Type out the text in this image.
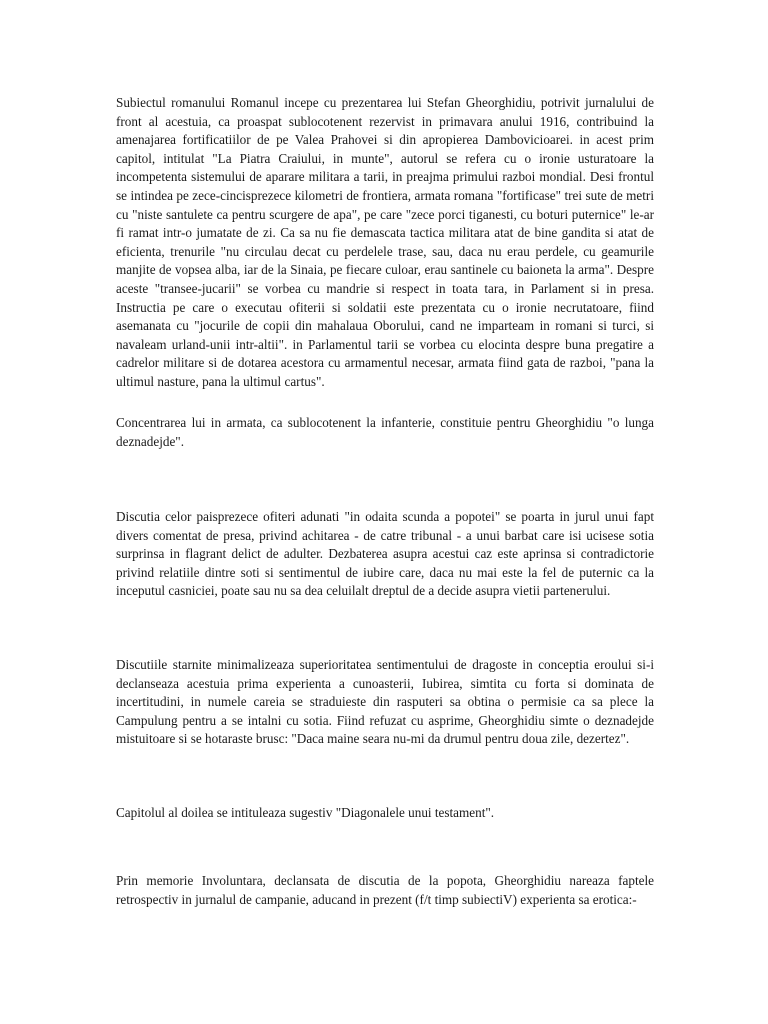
Subiectul romanului Romanul incepe cu prezentarea lui Stefan Gheorghidiu, potrivit jurnalului de front al acestuia, ca proaspat sublocotenent rezervist in primavara anului 1916, contribuind la amenajarea fortificatiilor de pe Valea Prahovei si din apropierea Dambovicioarei. in acest prim capitol, intitulat "La Piatra Craiului, in munte", autorul se refera cu o ironie usturatoare la incompetenta sistemului de aparare militara a tarii, in preajma primului razboi mondial. Desi frontul se intindea pe zece-cincisprezece kilometri de frontiera, armata romana "fortificase" trei sute de metri cu "niste santulete ca pentru scurgere de apa", pe care "zece porci tiganesti, cu boturi puternice" le-ar fi ramat intr-o jumatate de zi. Ca sa nu fie demascata tactica militara atat de bine gandita si atat de eficienta, trenurile "nu circulau decat cu perdelele trase, sau, daca nu erau perdele, cu geamurile manjite de vopsea alba, iar de la Sinaia, pe fiecare culoar, erau santinele cu baioneta la arma". Despre aceste "transee-jucarii" se vorbea cu mandrie si respect in toata tara, in Parlament si in presa. Instructia pe care o executau ofiterii si soldatii este prezentata cu o ironie necrutatoare, fiind asemanata cu "jocurile de copii din mahalaua Oborului, cand ne imparteam in romani si turci, si navaleam urland-unii intr-altii". in Parlamentul tarii se vorbea cu elocinta despre buna pregatire a cadrelor militare si de dotarea acestora cu armamentul necesar, armata fiind gata de razboi, "pana la ultimul nasture, pana la ultimul cartus".

Concentrarea lui in armata, ca sublocotenent la infanterie, constituie pentru Gheorghidiu "o lunga deznadejde".

Discutia celor paisprezece ofiteri adunati "in odaita scunda a popotei" se poarta in jurul unui fapt divers comentat de presa, privind achitarea - de catre tribunal - a unui barbat care isi ucisese sotia surprinsa in flagrant delict de adulter. Dezbaterea asupra acestui caz este aprinsa si contradictorie privind relatiile dintre soti si sentimentul de iubire care, daca nu mai este la fel de puternic ca la inceputul casniciei, poate sau nu sa dea celuilalt dreptul de a decide asupra vietii partenerului.

Discutiile starnite minimalizeaza superioritatea sentimentului de dragoste in conceptia eroului si-i declanseaza acestuia prima experienta a cunoasterii, Iubirea, simtita cu forta si dominata de incertitudini, in numele careia se straduieste din rasputeri sa obtina o permisie ca sa plece la Campulung pentru a se intalni cu sotia. Fiind refuzat cu asprime, Gheorghidiu simte o deznadejde mistuitoare si se hotaraste brusc: "Daca maine seara nu-mi da drumul pentru doua zile, dezertez".

Capitolul al doilea se intituleaza sugestiv "Diagonalele unui testament".

Prin memorie Involuntara, declansata de discutia de la popota, Gheorghidiu nareaza faptele retrospectiv in jurnalul de campanie, aducand in prezent (f/t timp subiectiV) experienta sa erotica:-
